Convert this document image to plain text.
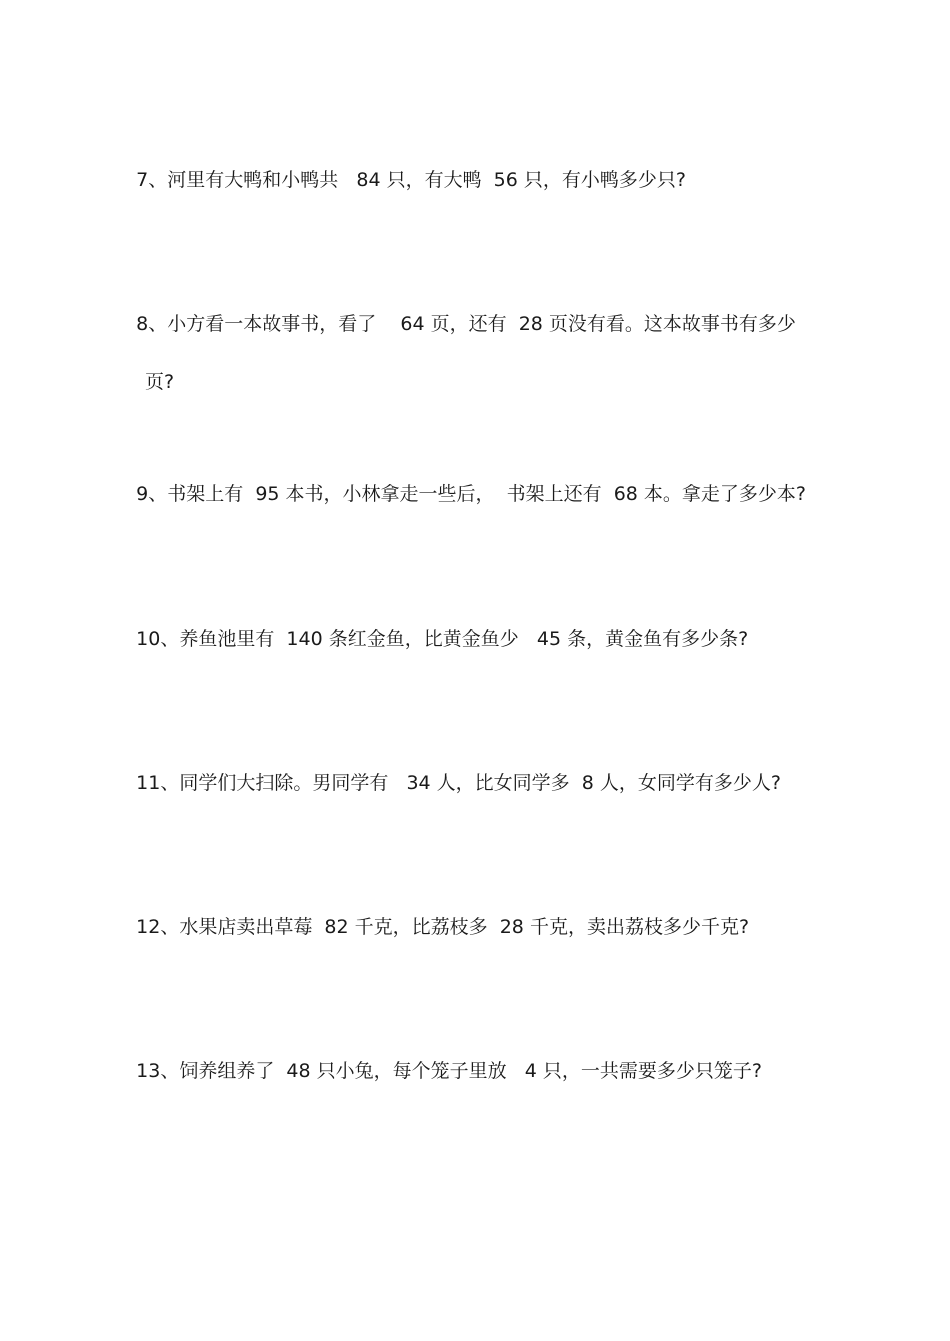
7、河里有大鸭和小鸭共   84 只，有大鸭  56 只，有小鸭多少只?

8、小方看一本故事书，看了    64 页，还有  28 页没有看。这本故事书有多少

页?

9、书架上有  95 本书，小林拿走一些后，  书架上还有  68 本。拿走了多少本?

10、养鱼池里有  140 条红金鱼，比黄金鱼少   45 条，黄金鱼有多少条?

11、同学们大扫除。男同学有   34 人，比女同学多  8 人，女同学有多少人?

12、水果店卖出草莓  82 千克，比荔枝多  28 千克，卖出荔枝多少千克?

13、饲养组养了  48 只小兔，每个笼子里放   4 只，一共需要多少只笼子?
